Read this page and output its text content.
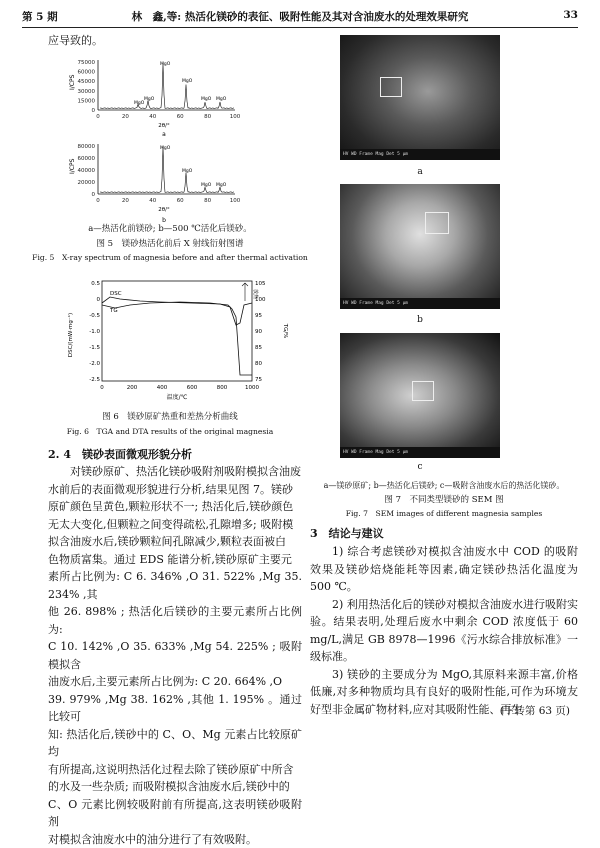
第 5 期	林　鑫,等: 热活化镁砂的表征、吸附性能及其对含油废水的处理效果研究	33
应导致的。
75000
60000
45000
30000
15000
0
0	20	40	60	80	100
I/CPS
2θ/°
MgO
MgO
MgO
MgO
MgO MgO
a
80000
60000
40000
20000
0
0	20	40	60	80	100
I/CPS
2θ/°
MgO
MgO
MgO MgO
b
a—热活化前镁砂; b—500 ℃活化后镁砂。
图 5　镁砂热活化前后 X 射线衍射图谱
Fig. 5　X-ray spectrum of magnesia before and after thermal activation
0.5
0
-0.5
-1.0
-1.5
-2.0
-2.5
105
100
95
90
85
80
75
0	200	400	600	800	1000
DSC/(mW·mg⁻¹)	TG/%
温度/℃
DSC
TG
放热
图 6　镁砂原矿热重和差热分析曲线
Fig. 6　TGA and DTA results of the original magnesia
2. 4　镁砂表面微观形貌分析

对镁砂原矿、热活化镁砂吸附剂吸附模拟含油废

水前后的表面微观形貌进行分析,结果见图 7。镁砂

原矿颜色呈黄色,颗粒形状不一; 热活化后,镁砂颜色

无太大变化,但颗粒之间变得疏松,孔隙增多; 吸附模

拟含油废水后,镁砂颗粒间孔隙减少,颗粒表面被白

色物质富集。通过 EDS 能谱分析,镁砂原矿主要元

素所占比例为: C 6. 346% ,O 31. 522% ,Mg 35. 234% ,其

他 26. 898% ; 热活化后镁砂的主要元素所占比例为:

C 10. 142% ,O 35. 633% ,Mg 54. 225% ; 吸附模拟含

油废水后,主要元素所占比例为: C 20. 664% ,O

39. 979% ,Mg 38. 162% ,其他 1. 195% 。通过比较可

知: 热活化后,镁砂中的 C、O、Mg 元素占比较原矿均

有所提高,这说明热活化过程去除了镁砂原矿中所含

的水及一些杂质; 而吸附模拟含油废水后,镁砂中的

C、O 元素比例较吸附前有所提高,这表明镁砂吸附剂

对模拟含油废水中的油分进行了有效吸附。

HV WD Frame Mag Det 5 μm
a
HV WD Frame Mag Det 5 μm
b
HV WD Frame Mag Det 5 μm
c
a—镁砂原矿; b—热活化后镁砂; c—吸附含油废水后的热活化镁砂。
图 7　不同类型镁砂的 SEM 图
Fig. 7　SEM images of different magnesia samples
3　结论与建议

1) 综合考虑镁砂对模拟含油废水中 COD 的吸附效果及镁砂焙烧能耗等因素,确定镁砂热活化温度为 500 ℃。

2) 利用热活化后的镁砂对模拟含油废水进行吸附实验。结果表明,处理后废水中剩余 COD 浓度低于 60 mg/L,满足 GB 8978—1996《污水综合排放标准》一级标准。

3) 镁砂的主要成分为 MgO,其原料来源丰富,价格低廉,对多种物质均具有良好的吸附性能,可作为环境友好型非金属矿物材料,应对其吸附性能、再生

(下转第 63 页)
